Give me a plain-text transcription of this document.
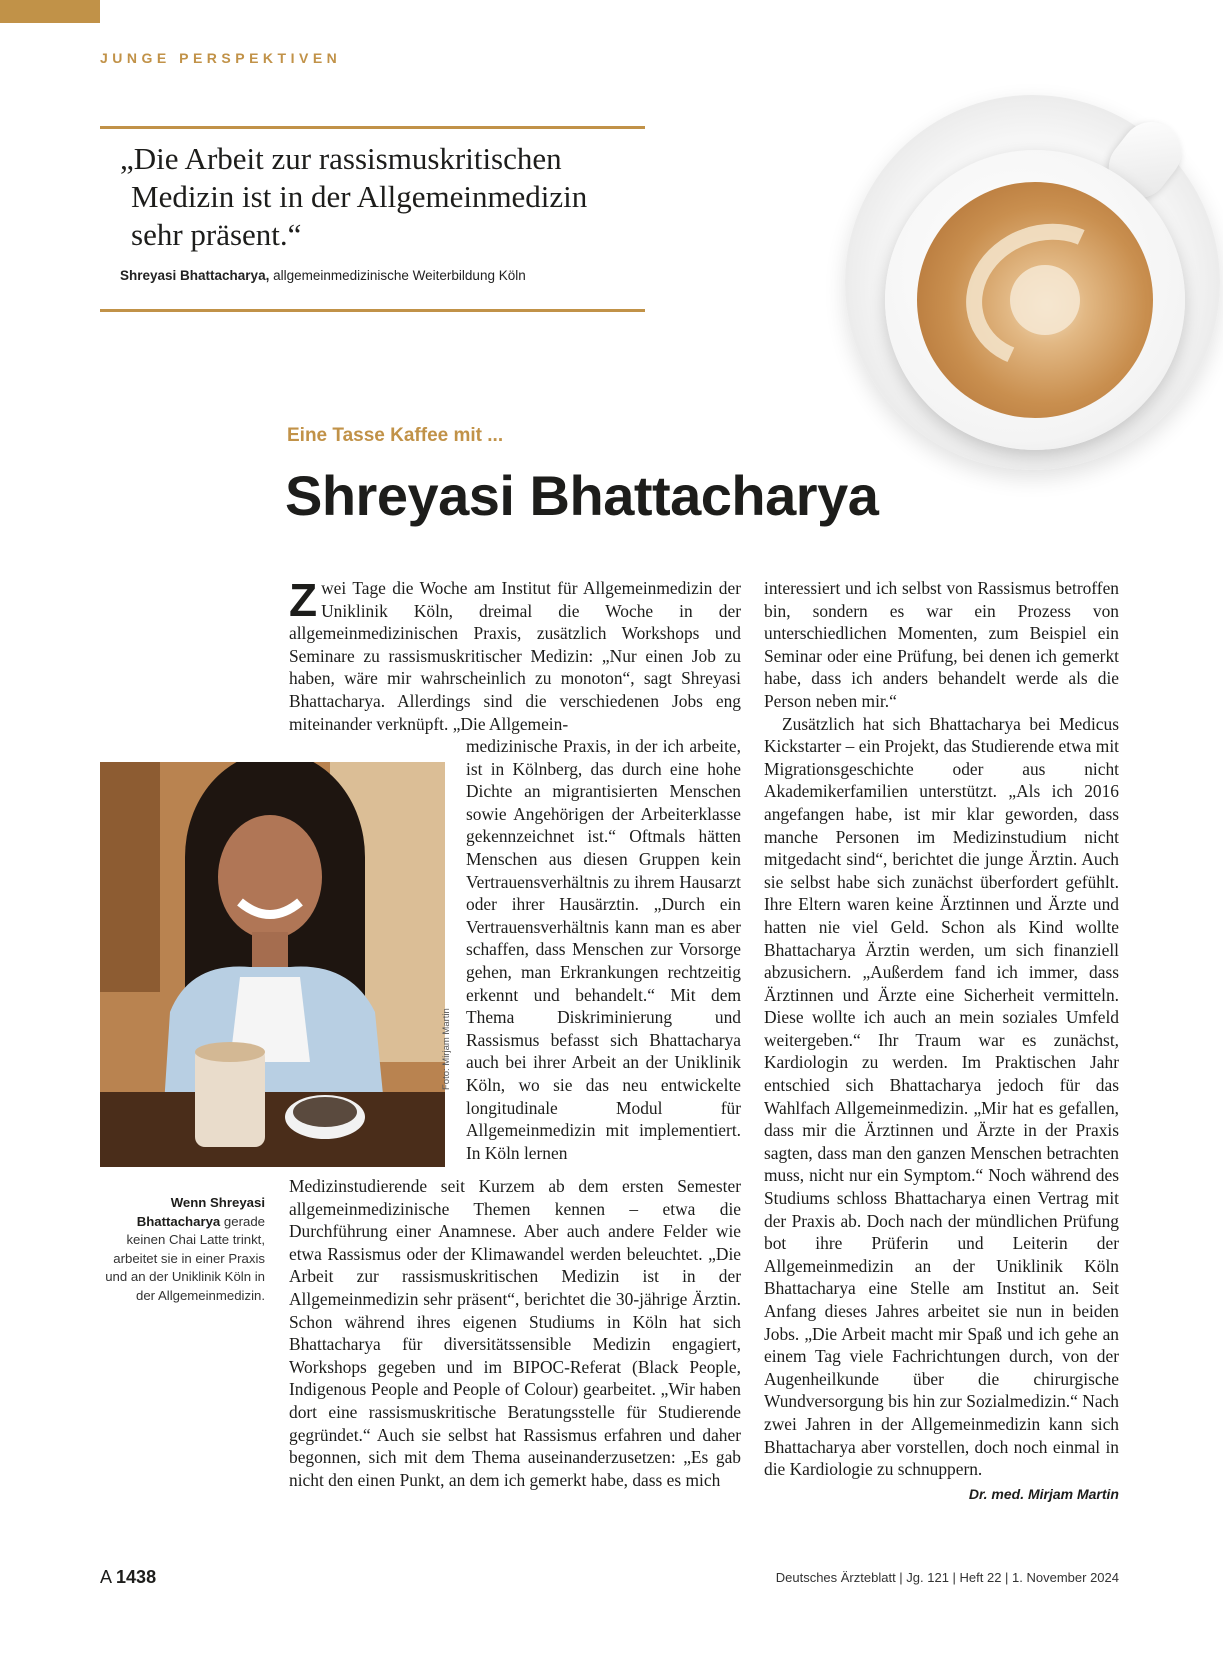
JUNGE PERSPEKTIVEN
„Die Arbeit zur rassismuskritischen
Medizin ist in der Allgemeinmedizin
sehr präsent.“
Shreyasi Bhattacharya, allgemeinmedizinische Weiterbildung Köln
Eine Tasse Kaffee mit ...
Shreyasi Bhattacharya

Zwei Tage die Woche am Institut für Allgemeinmedizin der Uniklinik Köln, dreimal die Woche in der allgemeinmedizinischen Praxis, zusätzlich Workshops und Seminare zu rassismuskritischer Medizin: „Nur einen Job zu haben, wäre mir wahrscheinlich zu monoton“, sagt Shreyasi Bhattacharya. Allerdings sind die verschiedenen Jobs eng miteinander verknüpft. „Die Allgemein-

medizinische Praxis, in der ich arbeite, ist in Kölnberg, das durch eine hohe Dichte an migrantisierten Menschen sowie Angehörigen der Arbeiterklasse gekennzeichnet ist.“ Oftmals hätten Menschen aus diesen Gruppen kein Vertrauensverhältnis zu ihrem Hausarzt oder ihrer Hausärztin. „Durch ein Vertrauensverhältnis kann man es aber schaffen, dass Menschen zur Vorsorge gehen, man Erkrankungen rechtzeitig erkennt und behandelt.“ Mit dem Thema Diskriminierung und Rassismus befasst sich Bhattacharya auch bei ihrer Arbeit an der Uniklinik Köln, wo sie das neu entwickelte longitudinale Modul für Allgemeinmedizin mit implementiert. In Köln lernen

Medizinstudierende seit Kurzem ab dem ersten Semester allgemeinmedizinische Themen kennen – etwa die Durchführung einer Anamnese. Aber auch andere Felder wie etwa Rassismus oder der Klimawandel werden beleuchtet. „Die Arbeit zur rassismuskritischen Medizin ist in der Allgemeinmedizin sehr präsent“, berichtet die 30-jährige Ärztin. Schon während ihres eigenen Studiums in Köln hat sich Bhattacharya für diversitätssensible Medizin engagiert, Workshops gegeben und im BIPOC-Referat (Black People, Indigenous People and People of Colour) gearbeitet. „Wir haben dort eine rassismuskritische Beratungsstelle für Studierende gegründet.“ Auch sie selbst hat Rassismus erfahren und daher begonnen, sich mit dem Thema auseinanderzusetzen: „Es gab nicht den einen Punkt, an dem ich gemerkt habe, dass es mich

interessiert und ich selbst von Rassismus betroffen bin, sondern es war ein Prozess von unterschiedlichen Momenten, zum Beispiel ein Seminar oder eine Prüfung, bei denen ich gemerkt habe, dass ich anders behandelt werde als die Person neben mir.“

Zusätzlich hat sich Bhattacharya bei Medicus Kickstarter – ein Projekt, das Studierende etwa mit Migrationsgeschichte oder aus nicht Akademikerfamilien unterstützt. „Als ich 2016 angefangen habe, ist mir klar geworden, dass manche Personen im Medizinstudium nicht mitgedacht sind“, berichtet die junge Ärztin. Auch sie selbst habe sich zunächst überfordert gefühlt. Ihre Eltern waren keine Ärztinnen und Ärzte und hatten nie viel Geld. Schon als Kind wollte Bhattacharya Ärztin werden, um sich finanziell abzusichern. „Außerdem fand ich immer, dass Ärztinnen und Ärzte eine Sicherheit vermitteln. Diese wollte ich auch an mein soziales Umfeld weitergeben.“ Ihr Traum war es zunächst, Kardiologin zu werden. Im Praktischen Jahr entschied sich Bhattacharya jedoch für das Wahlfach Allgemeinmedizin. „Mir hat es gefallen, dass mir die Ärztinnen und Ärzte in der Praxis sagten, dass man den ganzen Menschen betrachten muss, nicht nur ein Symptom.“ Noch während des Studiums schloss Bhattacharya einen Vertrag mit der Praxis ab. Doch nach der mündlichen Prüfung bot ihre Prüferin und Leiterin der Allgemeinmedizin an der Uniklinik Köln Bhattacharya eine Stelle am Institut an. Seit Anfang dieses Jahres arbeitet sie nun in beiden Jobs. „Die Arbeit macht mir Spaß und ich gehe an einem Tag viele Fachrichtungen durch, von der Augenheilkunde über die chirurgische Wundversorgung bis hin zur Sozialmedizin.“ Nach zwei Jahren in der Allgemeinmedizin kann sich Bhattacharya aber vorstellen, doch noch einmal in die Kardiologie zu schnuppern.
Dr. med. Mirjam Martin

Foto: Mirjam Martin
Wenn Shreyasi Bhattacharya gerade keinen Chai Latte trinkt, arbeitet sie in einer Praxis und an der Uniklinik Köln in der Allgemeinmedizin.
A 1438	Deutsches Ärzteblatt | Jg. 121 | Heft 22 | 1. November 2024
